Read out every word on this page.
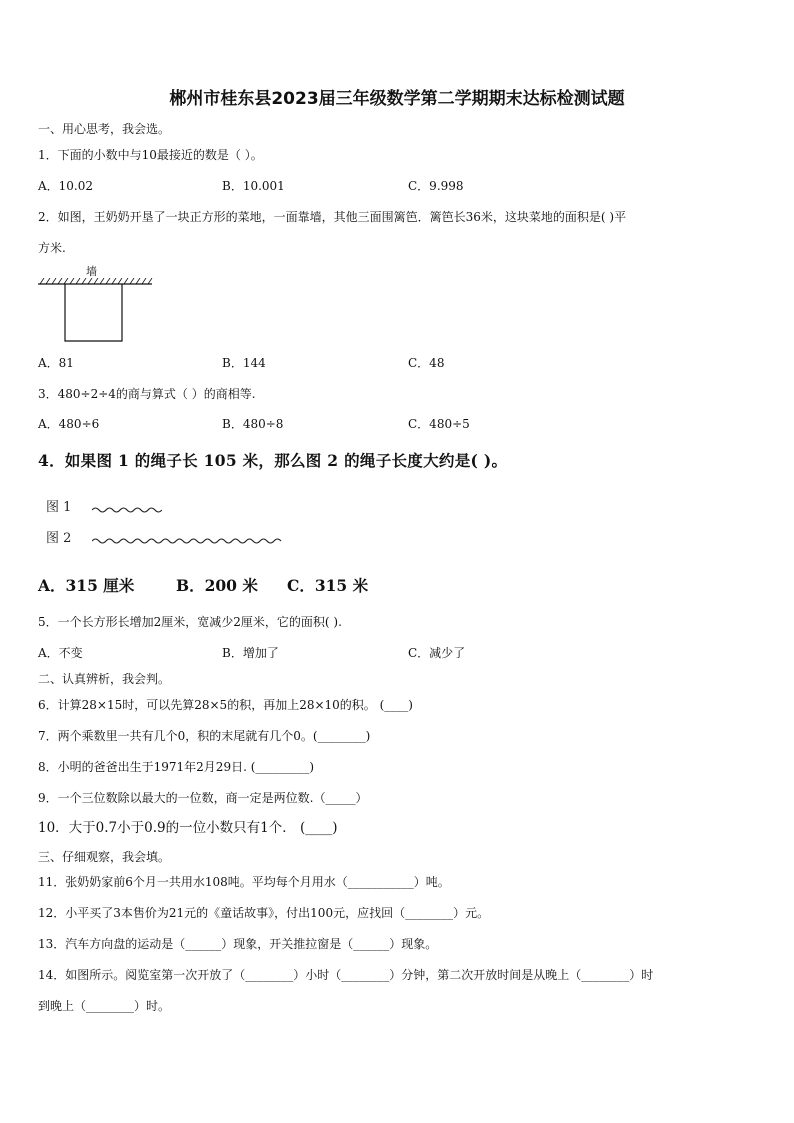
郴州市桂东县2023届三年级数学第二学期期末达标检测试题
一、用心思考，我会选。
1．下面的小数中与10最接近的数是（ ）。
A．10.02	B．10.001	C．9.998
2．如图，王奶奶开垦了一块正方形的菜地，一面靠墙，其他三面围篱笆．篱笆长36米，这块菜地的面积是( )平
方米.
墙
A．81	B．144	C．48
3．480÷2÷4的商与算式（ ）的商相等.
A．480÷6	B．480÷8	C．480÷5
4．如果图 1 的绳子长 105 米，那么图 2 的绳子长度大约是( )。
图 1
图 2
A．315 厘米	B．200 米 C．315 米
5．一个长方形长增加2厘米，宽减少2厘米，它的面积( ).
A．不变	B．增加了	C．减少了
二、认真辨析，我会判。
6．计算28×15时，可以先算28×5的积，再加上28×10的积。 (____)
7．两个乘数里一共有几个0，积的末尾就有几个0。(________)
8．小明的爸爸出生于1971年2月29日. (_________)
9．一个三位数除以最大的一位数，商一定是两位数.（_____）
10．大于0.7小于0.9的一位小数只有1个． (____)
三、仔细观察，我会填。
11．张奶奶家前6个月一共用水108吨。平均每个月用水（___________）吨。
12．小平买了3本售价为21元的《童话故事》，付出100元，应找回（________）元。
13．汽车方向盘的运动是（______）现象，开关推拉窗是（______）现象。
14．如图所示。阅览室第一次开放了（________）小时（________）分钟，第二次开放时间是从晚上（________）时
到晚上（________）时。
